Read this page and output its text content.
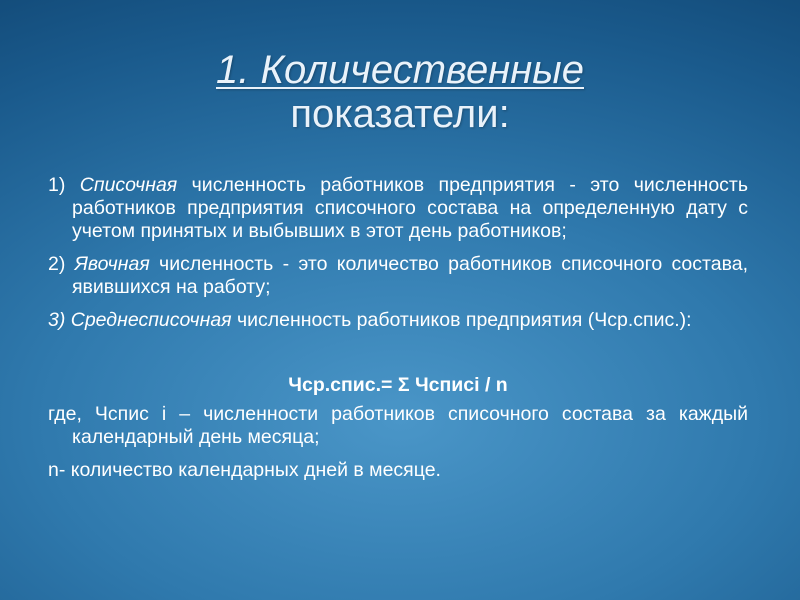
1. Количественные
показатели:

1) Списочная численность работников предприятия - это численность работников предприятия списочного состава на определенную дату с учетом принятых и выбывших в этот день работников;

2) Явочная численность - это количество работников списочного состава, явившихся на работу;

3) Среднесписочная численность работников предприятия (Чср.спис.):

Чср.спис.= Σ Чсписі / n

где, Чспис і – численности работников списочного состава за каждый календарный день месяца;

n- количество календарных дней в месяце.
